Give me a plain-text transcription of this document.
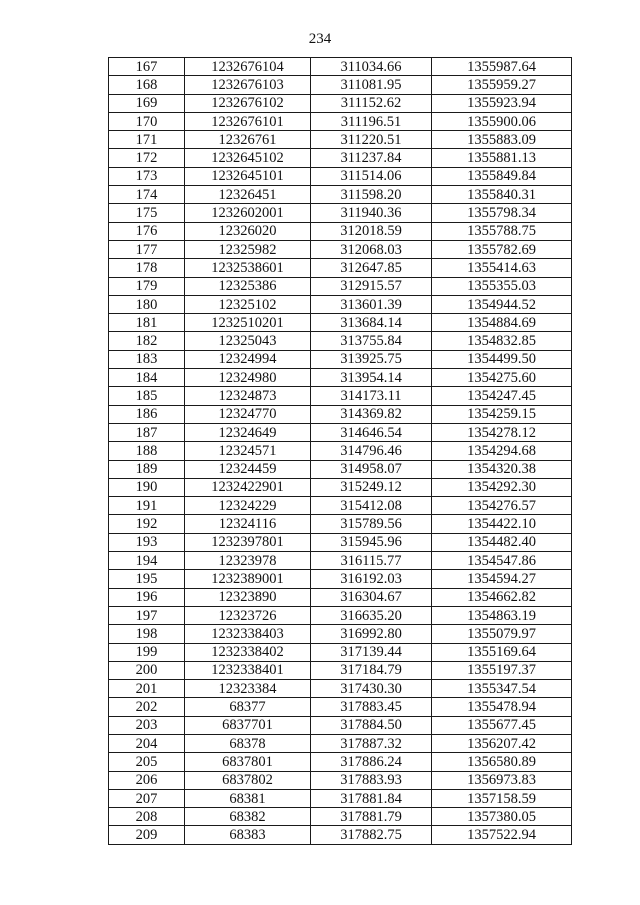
234
167	1232676104	311034.66	1355987.64
168	1232676103	311081.95	1355959.27
169	1232676102	311152.62	1355923.94
170	1232676101	311196.51	1355900.06
171	12326761	311220.51	1355883.09
172	1232645102	311237.84	1355881.13
173	1232645101	311514.06	1355849.84
174	12326451	311598.20	1355840.31
175	1232602001	311940.36	1355798.34
176	12326020	312018.59	1355788.75
177	12325982	312068.03	1355782.69
178	1232538601	312647.85	1355414.63
179	12325386	312915.57	1355355.03
180	12325102	313601.39	1354944.52
181	1232510201	313684.14	1354884.69
182	12325043	313755.84	1354832.85
183	12324994	313925.75	1354499.50
184	12324980	313954.14	1354275.60
185	12324873	314173.11	1354247.45
186	12324770	314369.82	1354259.15
187	12324649	314646.54	1354278.12
188	12324571	314796.46	1354294.68
189	12324459	314958.07	1354320.38
190	1232422901	315249.12	1354292.30
191	12324229	315412.08	1354276.57
192	12324116	315789.56	1354422.10
193	1232397801	315945.96	1354482.40
194	12323978	316115.77	1354547.86
195	1232389001	316192.03	1354594.27
196	12323890	316304.67	1354662.82
197	12323726	316635.20	1354863.19
198	1232338403	316992.80	1355079.97
199	1232338402	317139.44	1355169.64
200	1232338401	317184.79	1355197.37
201	12323384	317430.30	1355347.54
202	68377	317883.45	1355478.94
203	6837701	317884.50	1355677.45
204	68378	317887.32	1356207.42
205	6837801	317886.24	1356580.89
206	6837802	317883.93	1356973.83
207	68381	317881.84	1357158.59
208	68382	317881.79	1357380.05
209	68383	317882.75	1357522.94
